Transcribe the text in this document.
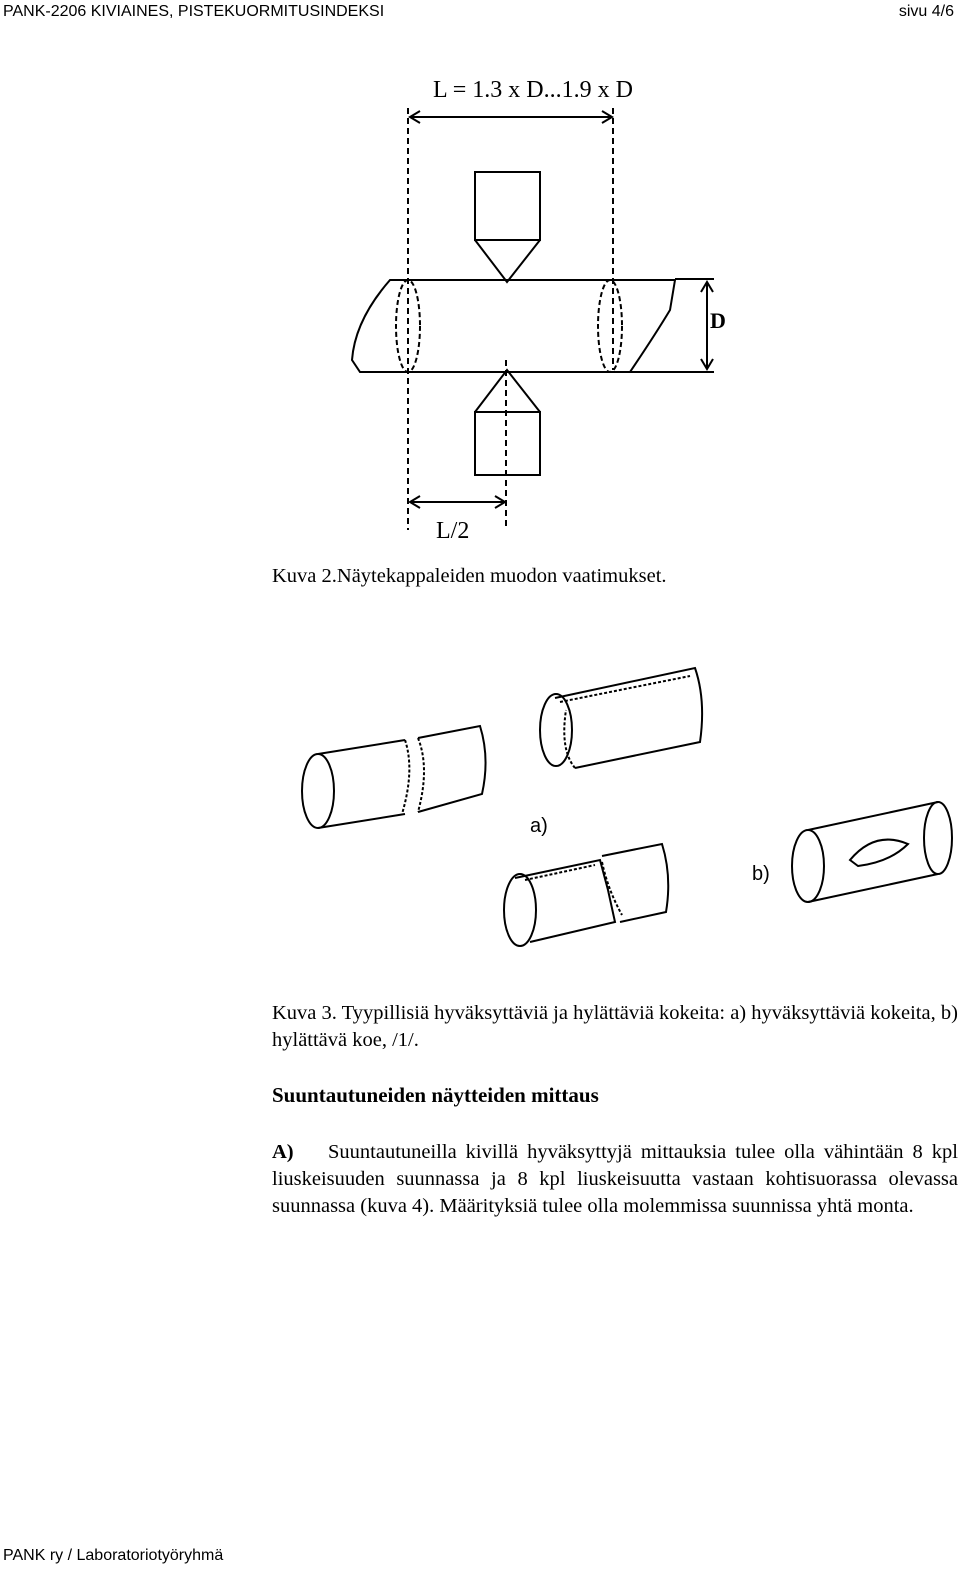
PANK-2206 KIVIAINES, PISTEKUORMITUSINDEKSI	sivu 4/6
L = 1.3 x D...1.9 x D
D
L/2
Kuva 2.Näytekappaleiden muodon vaatimukset.
a)
b)
Kuva 3. Tyypillisiä hyväksyttäviä ja hylättäviä kokeita: a) hyväksyttäviä kokeita, b) hylättävä koe, /1/.
Suuntautuneiden näytteiden mittaus
A) Suuntautuneilla kivillä hyväksyttyjä mittauksia tulee olla vähintään 8 kpl liuskeisuuden suunnassa ja 8 kpl liuskeisuutta vastaan kohtisuorassa olevassa suunnassa (kuva 4). Määrityksiä tulee olla molemmissa suunnissa yhtä monta.
PANK ry / Laboratoriotyöryhmä
